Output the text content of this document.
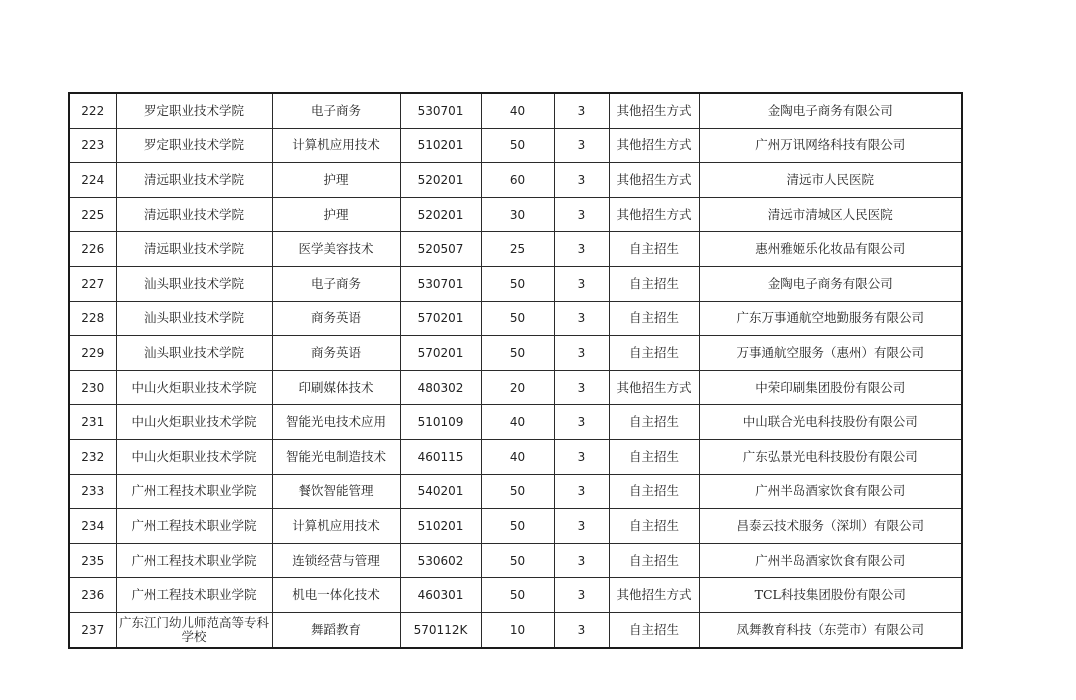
222	罗定职业技术学院	电子商务	530701	40	3	其他招生方式	金陶电子商务有限公司
223	罗定职业技术学院	计算机应用技术	510201	50	3	其他招生方式	广州万讯网络科技有限公司
224	清远职业技术学院	护理	520201	60	3	其他招生方式	清远市人民医院
225	清远职业技术学院	护理	520201	30	3	其他招生方式	清远市清城区人民医院
226	清远职业技术学院	医学美容技术	520507	25	3	自主招生	惠州雅姬乐化妆品有限公司
227	汕头职业技术学院	电子商务	530701	50	3	自主招生	金陶电子商务有限公司
228	汕头职业技术学院	商务英语	570201	50	3	自主招生	广东万事通航空地勤服务有限公司
229	汕头职业技术学院	商务英语	570201	50	3	自主招生	万事通航空服务（惠州）有限公司
230	中山火炬职业技术学院	印刷媒体技术	480302	20	3	其他招生方式	中荣印刷集团股份有限公司
231	中山火炬职业技术学院	智能光电技术应用	510109	40	3	自主招生	中山联合光电科技股份有限公司
232	中山火炬职业技术学院	智能光电制造技术	460115	40	3	自主招生	广东弘景光电科技股份有限公司
233	广州工程技术职业学院	餐饮智能管理	540201	50	3	自主招生	广州半岛酒家饮食有限公司
234	广州工程技术职业学院	计算机应用技术	510201	50	3	自主招生	昌泰云技术服务（深圳）有限公司
235	广州工程技术职业学院	连锁经营与管理	530602	50	3	自主招生	广州半岛酒家饮食有限公司
236	广州工程技术职业学院	机电一体化技术	460301	50	3	其他招生方式	TCL科技集团股份有限公司
237	广东江门幼儿师范高等专科学校	舞蹈教育	570112K	10	3	自主招生	凤舞教育科技（东莞市）有限公司
